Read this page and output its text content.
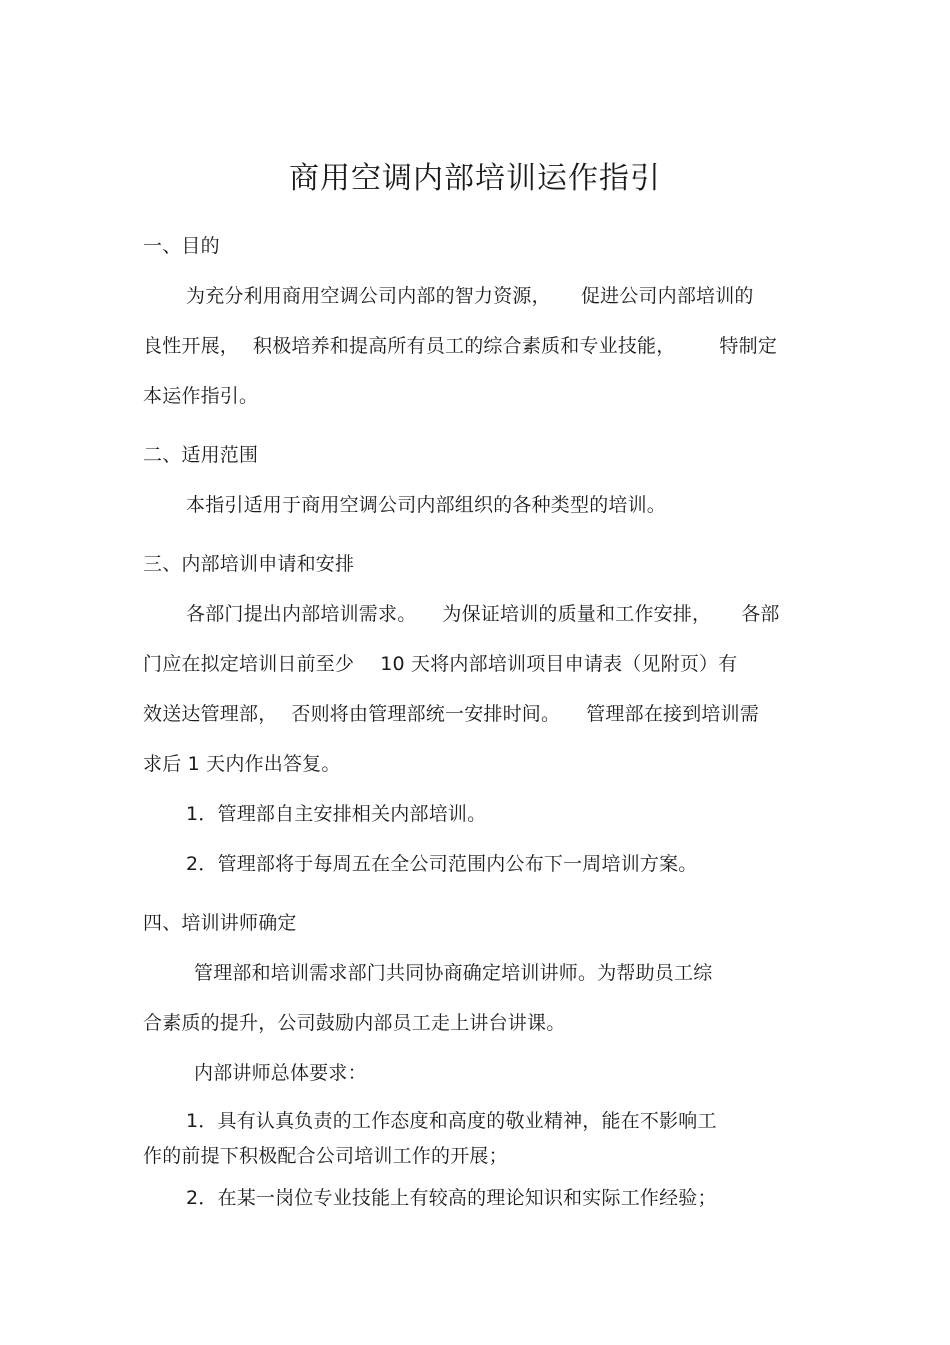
商用空调内部培训运作指引
一、目的
为充分利用商用空调公司内部的智力资源， 促进公司内部培训的
良性开展， 积极培养和提高所有员工的综合素质和专业技能， 特制定
本运作指引。
二、适用范围
本指引适用于商用空调公司内部组织的各种类型的培训。
三、内部培训申请和安排
各部门提出内部培训需求。 为保证培训的质量和工作安排， 各部
门应在拟定培训日前至少 10 天将内部培训项目申请表（见附页）有
效送达管理部， 否则将由管理部统一安排时间。 管理部在接到培训需
求后 1 天内作出答复。
1．管理部自主安排相关内部培训。
2．管理部将于每周五在全公司范围内公布下一周培训方案。
四、培训讲师确定
管理部和培训需求部门共同协商确定培训讲师。为帮助员工综
合素质的提升，公司鼓励内部员工走上讲台讲课。
内部讲师总体要求：
1．具有认真负责的工作态度和高度的敬业精神，能在不影响工
作的前提下积极配合公司培训工作的开展；
2．在某一岗位专业技能上有较高的理论知识和实际工作经验；
